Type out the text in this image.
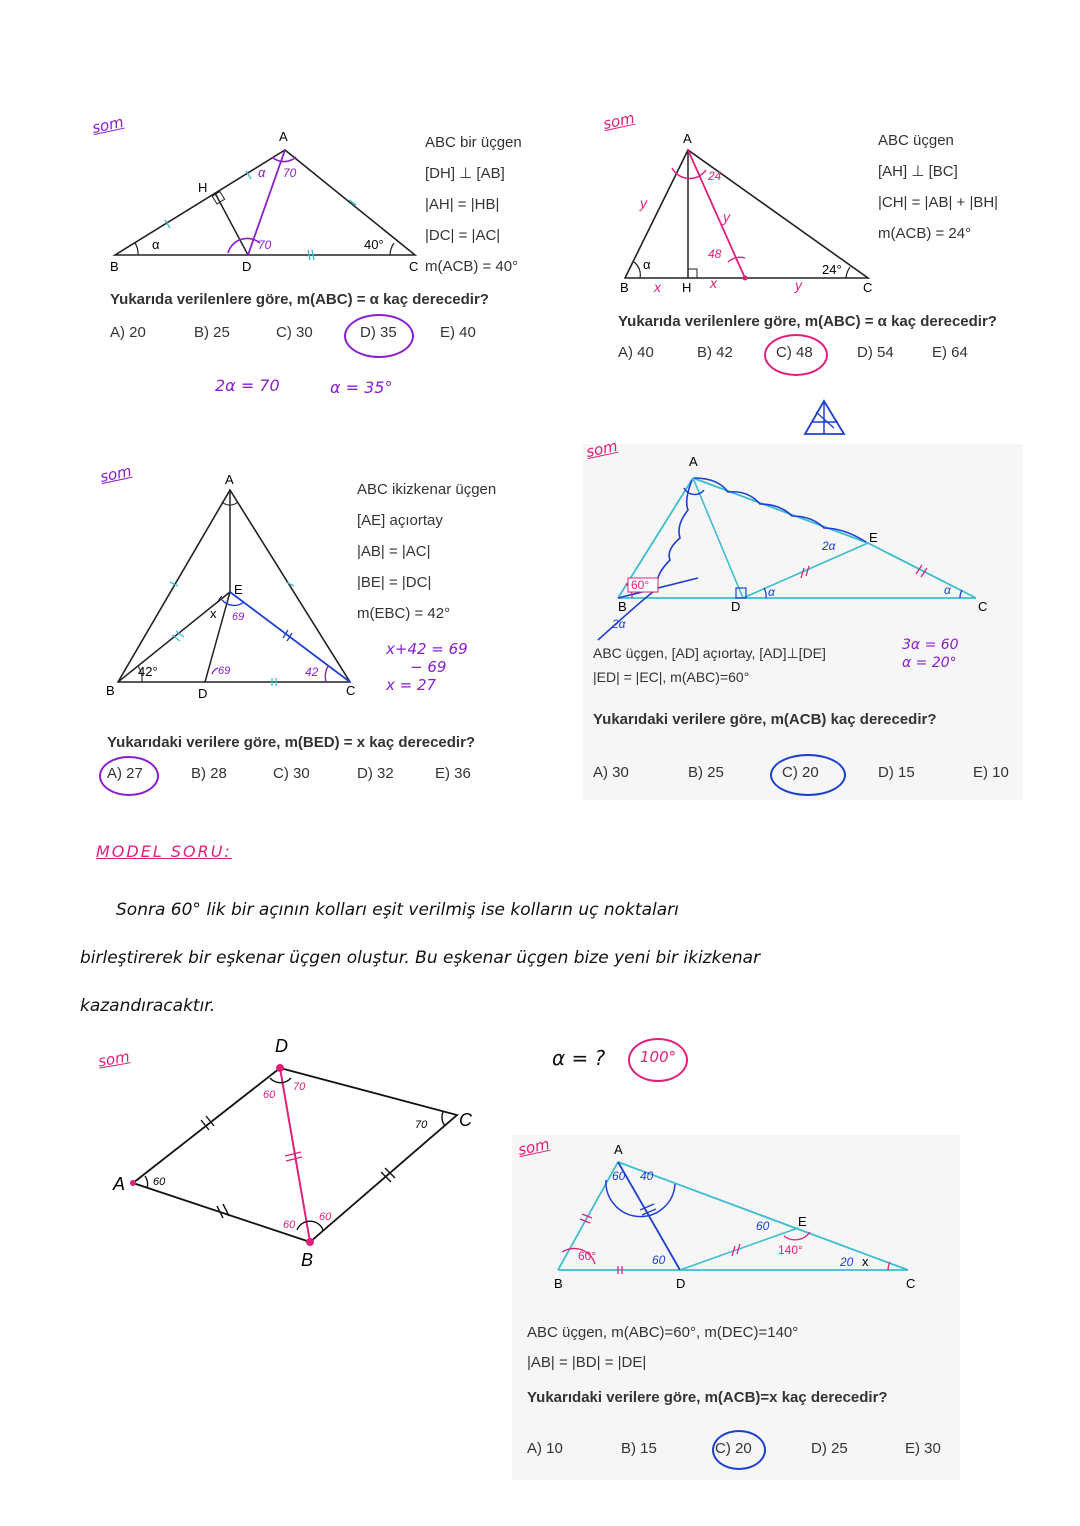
som	A
B	C
D
H
α	40°
α 70
70
ABC bir üçgen
[DH] ⊥ [AB]
|AH| = |HB|
|DC| = |AC|
m(ACB) = 40°
Yukarıda verilenlere göre, m(ABC) = α kaç derecedir?
A) 20	B) 25	C) 30	D) 35	E) 40
2α = 70	α = 35°
som
A
B	C
H
α	24°
y
y
y
x	x
24
48
ABC üçgen
[AH] ⊥ [BC]
|CH| = |AB| + |BH|
m(ACB) = 24°
Yukarıda verilenlere göre, m(ABC) = α kaç derecedir?
A) 40	B) 42	C) 48	D) 54	E) 64
som	A
B	C
D
E
x
42°
69
69	42
ABC ikizkenar üçgen
[AE] açıortay
|AB| = |AC|
|BE| = |DC|
m(EBC) = 42°
x+42 = 69
− 69
x = 27
Yukarıdaki verilere göre, m(BED) = x kaç derecedir?
A) 27	B) 28	C) 30	D) 32	E) 36
som
A
B	C
D
E
60°
2α
α	α
2α
ABC üçgen, [AD] açıortay, [AD]⊥[DE]
|ED| = |EC|, m(ABC)=60°
3α = 60
α = 20°
Yukarıdaki verilere göre, m(ACB) kaç derecedir?
A) 30	B) 25	C) 20	D) 15	E) 10
MODEL SORU:
Sonra 60° lik bir açının kolları eşit verilmiş ise kolların uç noktaları
birleştirerek bir eşkenar üçgen oluştur. Bu eşkenar üçgen bize yeni bir ikizkenar
kazandıracaktır.
som
D
A
C
B
60
60
70
70
60
60
α = ? 100°
som	A
B	C
D
E
60°	140°
x
60 40
60
60
20
ABC üçgen, m(ABC)=60°, m(DEC)=140°
|AB| = |BD| = |DE|
Yukarıdaki verilere göre, m(ACB)=x kaç derecedir?
A) 10	B) 15	C) 20	D) 25	E) 30
